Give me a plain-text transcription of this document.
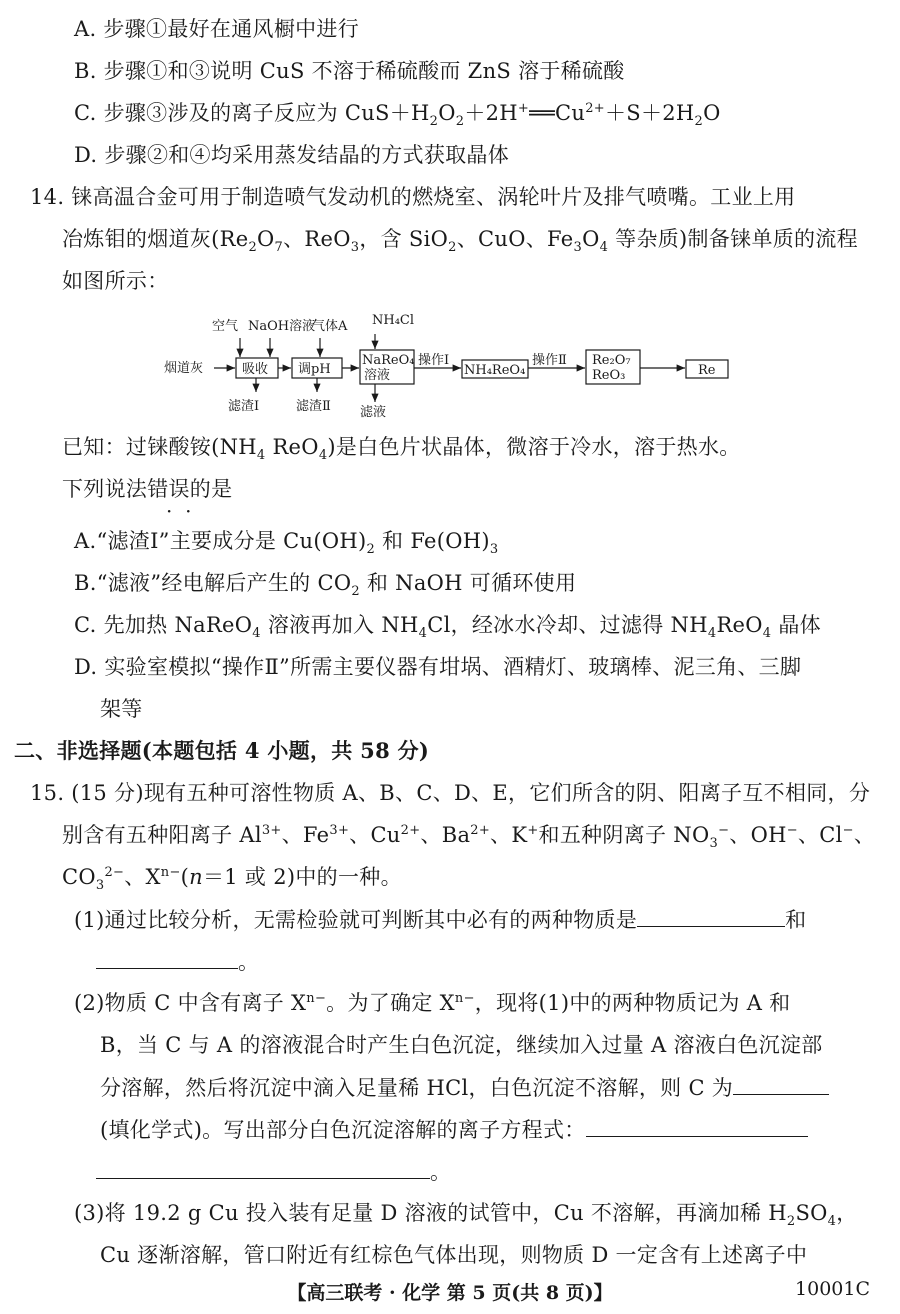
A. 步骤①最好在通风橱中进行
B. 步骤①和③说明 CuS 不溶于稀硫酸而 ZnS 溶于稀硫酸
C. 步骤③涉及的离子反应为 $CuS+H_2O_2+2H^+══Cu^{2+}+S+2H_2O$
D. 步骤②和④均采用蒸发结晶的方式获取晶体
14. 铼高温合金可用于制造喷气发动机的燃烧室、涡轮叶片及排气喷嘴。工业上用
冶炼钼的烟道灰($Re_2O_7$、ReO$_3$，含 SiO$_2$、CuO、$Fe_3O_4$ 等杂质)制备铼单质的流程
如图所示：
空气 NaOH溶液
气体A NH₄Cl
烟道灰	吸收 调pH
NaReO₄
溶液
操作Ⅰ
NH₄ReO₄
操作Ⅱ Re₂O₇
ReO₃	Re
滤渣Ⅰ	滤渣Ⅱ 滤液
已知：过铼酸铵($NH_4$ ReO$_4$)是白色片状晶体，微溶于冷水，溶于热水。
下列说法错误的是
·  ·
A.“滤渣Ⅰ”主要成分是 $Cu(OH)_2$ 和 $Fe(OH)_3$
B.“滤液”经电解后产生的 $CO_2$ 和 NaOH 可循环使用
C. 先加热 NaReO$_4$ 溶液再加入 $NH_4Cl$，经冰水冷却、过滤得 $NH_4ReO_4$ 晶体
D. 实验室模拟“操作Ⅱ”所需主要仪器有坩埚、酒精灯、玻璃棒、泥三角、三脚
架等
二、非选择题(本题包括 4 小题，共 58 分)
15. (15 分)现有五种可溶性物质 A、B、C、D、E，它们所含的阴、阳离子互不相同，分
别含有五种阳离子 $Al^{3+}$、$Fe^{3+}$、$Cu^{2+}$、$Ba^{2+}$、K+和五种阴离子 $NO_3^-$、OH−、Cl−、
$CO_3^{2-}$、$X^{n-}(n=1$ 或 2)中的一种。
(1)通过比较分析，无需检验就可判断其中必有的两种物质是	和
。
(2)物质 C 中含有离子 $X^{n-}$。为了确定 $X^{n-}$，现将(1)中的两种物质记为 A 和
B，当 C 与 A 的溶液混合时产生白色沉淀，继续加入过量 A 溶液白色沉淀部
分溶解，然后将沉淀中滴入足量稀 HCl，白色沉淀不溶解，则 C 为
(填化学式)。写出部分白色沉淀溶解的离子方程式：
。
(3)将 19.2 g Cu 投入装有足量 D 溶液的试管中，Cu 不溶解，再滴加稀 $H_2SO_4$，
Cu 逐渐溶解，管口附近有红棕色气体出现，则物质 D 一定含有上述离子中
【高三联考 · 化学 第 5 页(共 8 页)】	10001C
